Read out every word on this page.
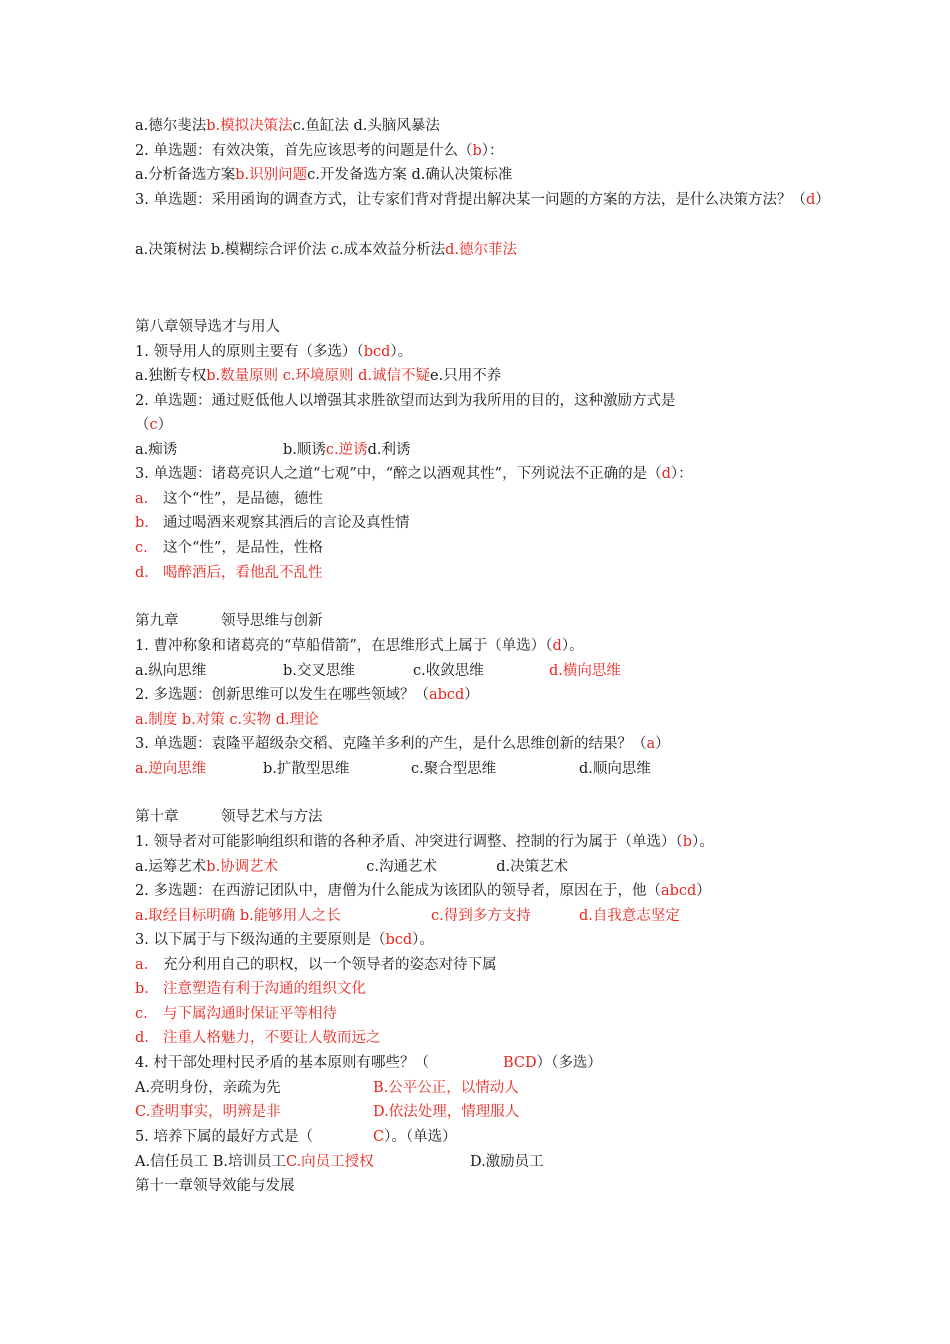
a.德尔斐法b.模拟决策法c.鱼缸法 d.头脑风暴法
2. 单选题：有效决策，首先应该思考的问题是什么（b）：
a.分析备选方案b.识别问题c.开发备选方案 d.确认决策标准
3. 单选题：采用函询的调查方式，让专家们背对背提出解决某一问题的方案的方法，是什么决策方法？（d）
a.决策树法 b.模糊综合评价法 c.成本效益分析法d.德尔菲法
第八章领导选才与用人
1. 领导用人的原则主要有（多选）（bcd）。
a.独断专权b.数量原则 c.环境原则 d.诚信不疑e.只用不养
2. 单选题：通过贬低他人以增强其求胜欲望而达到为我所用的目的，这种激励方式是
（c）
a.痴诱	b.顺诱c.逆诱d.利诱
3. 单选题：诸葛亮识人之道“七观”中，“醉之以酒观其性”，下列说法不正确的是（d）：
a. 这个“性”，是品德，德性
b. 通过喝酒来观察其酒后的言论及真性情
c. 这个“性”，是品性，性格
d. 喝醉酒后，看他乱不乱性
第九章	领导思维与创新
1. 曹冲称象和诸葛亮的“草船借箭”，在思维形式上属于（单选）（d）。
a.纵向思维	b.交叉思维	c.收敛思维	d.横向思维
2. 多选题：创新思维可以发生在哪些领域？（abcd）
a.制度 b.对策 c.实物 d.理论
3. 单选题：袁隆平超级杂交稻、克隆羊多利的产生，是什么思维创新的结果？（a）
a.逆向思维	b.扩散型思维	c.聚合型思维	d.顺向思维
第十章	领导艺术与方法
1. 领导者对可能影响组织和谐的各种矛盾、冲突进行调整、控制的行为属于（单选）（b）。
a.运筹艺术b.协调艺术	c.沟通艺术	d.决策艺术
2. 多选题：在西游记团队中，唐僧为什么能成为该团队的领导者，原因在于，他（abcd）
a.取经目标明确 b.能够用人之长	c.得到多方支持	d.自我意志坚定
3. 以下属于与下级沟通的主要原则是（bcd）。
a. 充分利用自己的职权，以一个领导者的姿态对待下属
b. 注意塑造有利于沟通的组织文化
c. 与下属沟通时保证平等相待
d. 注重人格魅力，不要让人敬而远之
4. 村干部处理村民矛盾的基本原则有哪些？（	BCD）（多选）
A.亮明身份，亲疏为先	B.公平公正，以情动人
C.查明事实，明辨是非	D.依法处理，情理服人
5. 培养下属的最好方式是（	C）。（单选）
A.信任员工 B.培训员工C.向员工授权	D.激励员工
第十一章领导效能与发展
